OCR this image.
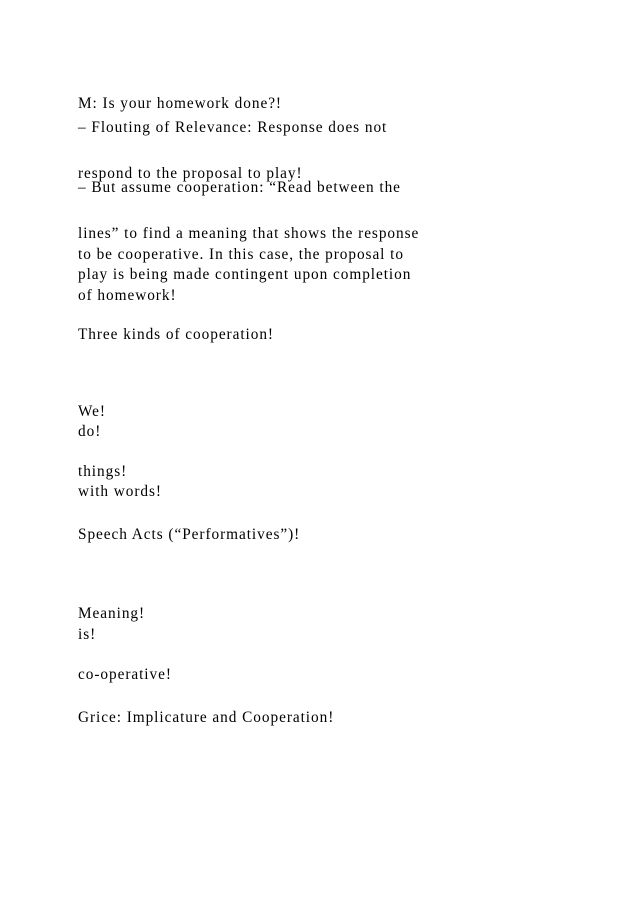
M: Is your homework done?!
– Flouting of Relevance: Response does not
respond to the proposal to play!
– But assume cooperation: “Read between the
lines” to find a meaning that shows the response
to be cooperative. In this case, the proposal to
play is being made contingent upon completion
of homework!
Three kinds of cooperation!
We!
do!
things!
with words!
Speech Acts (“Performatives”)!
Meaning!
is!
co-operative!
Grice: Implicature and Cooperation!
